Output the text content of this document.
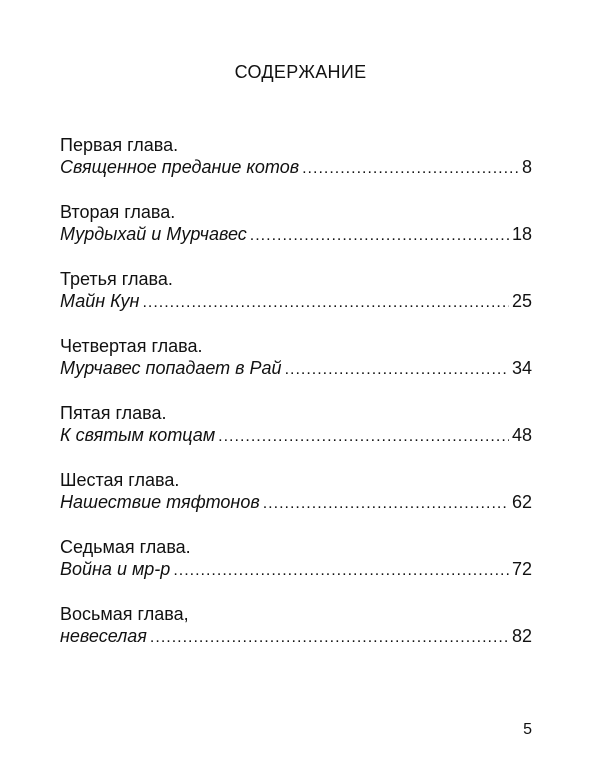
СОДЕРЖАНИЕ
Первая глава.
Священное предание котов .....	8
Вторая глава.
Мурдыхай и Мурчавес .....	18
Третья глава.
Майн Кун .....	25
Четвертая глава.
Мурчавес попадает в Рай .....	34
Пятая глава.
К святым котцам .....	48
Шестая глава.
Нашествие тяфтонов .....	62
Седьмая глава.
Война и мр-р .....	72
Восьмая глава,
невеселая .....	82
5
